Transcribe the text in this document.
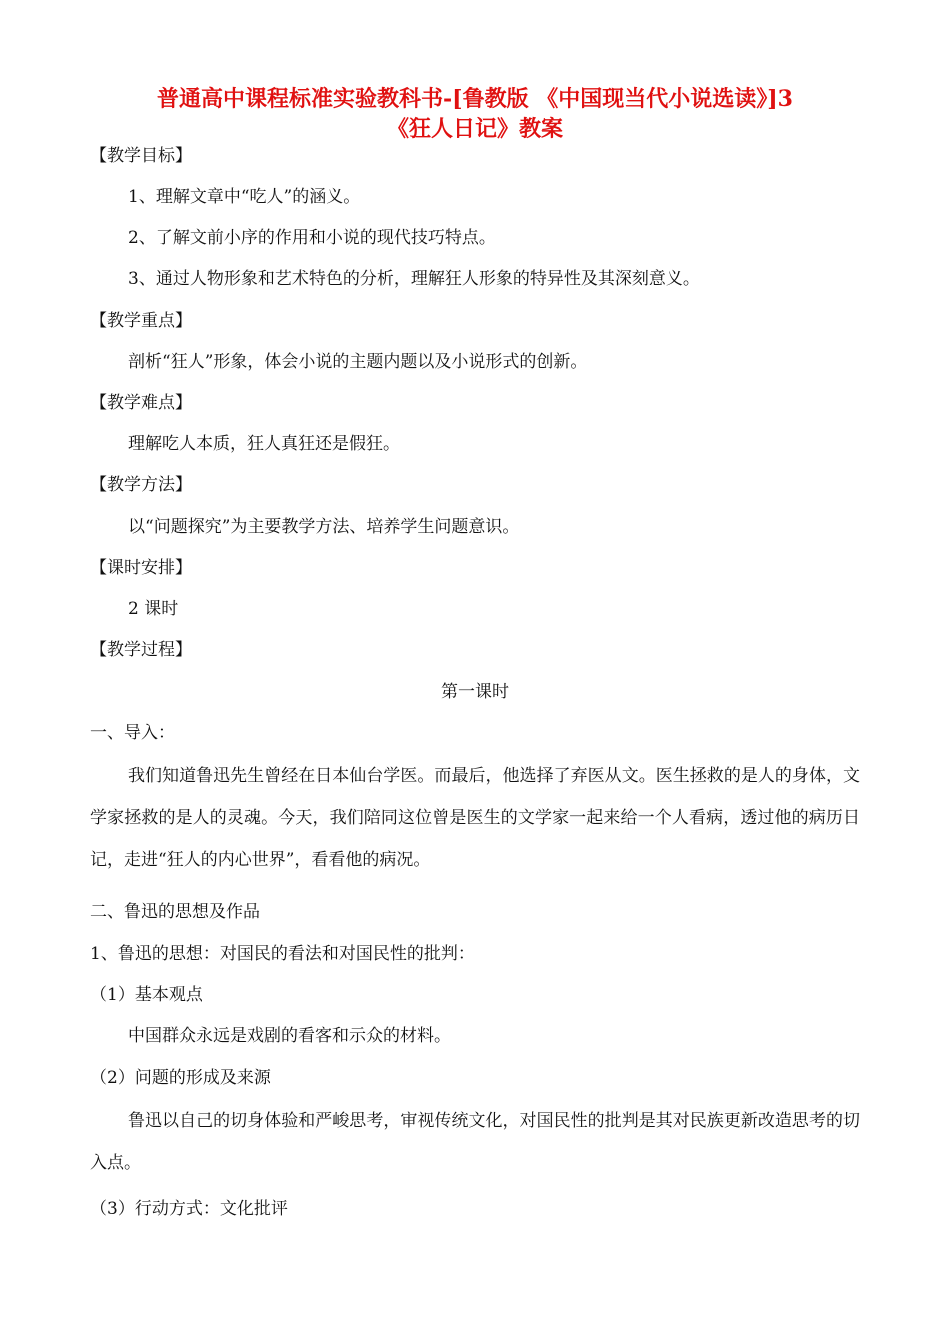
普通高中课程标准实验教科书-[鲁教版 《中国现当代小说选读》]3
《狂人日记》教案
【教学目标】
1、理解文章中“吃人”的涵义。
2、了解文前小序的作用和小说的现代技巧特点。
3、通过人物形象和艺术特色的分析，理解狂人形象的特异性及其深刻意义。
【教学重点】
剖析“狂人”形象，体会小说的主题内题以及小说形式的创新。
【教学难点】
理解吃人本质，狂人真狂还是假狂。
【教学方法】
以“问题探究”为主要教学方法、培养学生问题意识。
【课时安排】
2 课时
【教学过程】
第一课时
一、导入：

我们知道鲁迅先生曾经在日本仙台学医。而最后，他选择了弃医从文。医生拯救的是人的身体，文学家拯救的是人的灵魂。今天，我们陪同这位曾是医生的文学家一起来给一个人看病，透过他的病历日记，走进“狂人的内心世界”，看看他的病况。

二、鲁迅的思想及作品
1、鲁迅的思想：对国民的看法和对国民性的批判：
（1）基本观点
中国群众永远是戏剧的看客和示众的材料。
（2）问题的形成及来源

鲁迅以自己的切身体验和严峻思考，审视传统文化，对国民性的批判是其对民族更新改造思考的切入点。

（3）行动方式：文化批评
